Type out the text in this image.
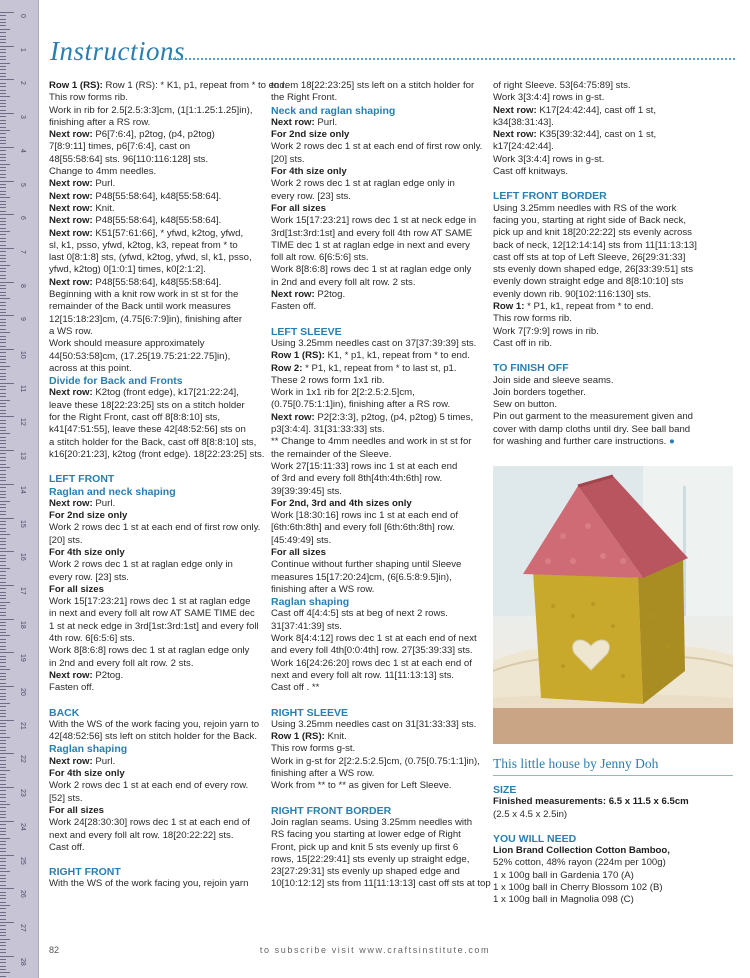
0
1
2
3
4
5
6
7
8
9
10
11
12
13
14
15
16
17
18
19
20
21
22
23
24
25
26
27
28
Instructions
Row 1 (RS): Row 1 (RS): * K1, p1, repeat from * to end.
This row forms rib.
Work in rib for 2.5[2.5:3:3]cm, (1[1:1.25:1.25]in),
finishing after a RS row.
Next row: P6[7:6:4], p2tog, (p4, p2tog)
7[8:9:11] times, p6[7:6:4], cast on
48[55:58:64] sts. 96[110:116:128] sts.
Change to 4mm needles.
Next row: Purl.
Next row: P48[55:58:64], k48[55:58:64].
Next row: Knit.
Next row: P48[55:58:64], k48[55:58:64].
Next row: K51[57:61:66], * yfwd, k2tog, yfwd,
sl, k1, psso, yfwd, k2tog, k3, repeat from * to
last 0[8:1:8] sts, (yfwd, k2tog, yfwd, sl, k1, psso,
yfwd, k2tog) 0[1:0:1] times, k0[2:1:2].
Next row: P48[55:58:64], k48[55:58:64].
Beginning with a knit row work in st st for the
remainder of the Back until work measures
12[15:18:23]cm, (4.75[6:7:9]in), finishing after
a WS row.
Work should measure approximately
44[50:53:58]cm, (17.25[19.75:21:22.75]in),
across at this point.
Divide for Back and Fronts
Next row: K2tog (front edge), k17[21:22:24],
leave these 18[22:23:25] sts on a stitch holder
for the Right Front, cast off 8[8:8:10] sts,
k41[47:51:55], leave these 42[48:52:56] sts on
a stitch holder for the Back, cast off 8[8:8:10] sts,
k16[20:21:23], k2tog (front edge). 18[22:23:25] sts.
LEFT FRONT
Raglan and neck shaping
Next row: Purl.
For 2nd size only
Work 2 rows dec 1 st at each end of first row only.
[20] sts.
For 4th size only
Work 2 rows dec 1 st at raglan edge only in
every row. [23] sts.
For all sizes
Work 15[17:23:21] rows dec 1 st at raglan edge
in next and every foll alt row AT SAME TIME dec
1 st at neck edge in 3rd[1st:3rd:1st] and every foll
4th row. 6[6:5:6] sts.
Work 8[8:6:8] rows dec 1 st at raglan edge only
in 2nd and every foll alt row. 2 sts.
Next row: P2tog.
Fasten off.
BACK
With the WS of the work facing you, rejoin yarn to
42[48:52:56] sts left on stitch holder for the Back.
Raglan shaping
Next row: Purl.
For 4th size only
Work 2 rows dec 1 st at each end of every row.
[52] sts.
For all sizes
Work 24[28:30:30] rows dec 1 st at each end of
next and every foll alt row. 18[20:22:22] sts.
Cast off.
RIGHT FRONT
With the WS of the work facing you, rejoin yarn
to rem 18[22:23:25] sts left on a stitch holder for
the Right Front.
Neck and raglan shaping
Next row: Purl.
For 2nd size only
Work 2 rows dec 1 st at each end of first row only.
[20] sts.
For 4th size only
Work 2 rows dec 1 st at raglan edge only in
every row. [23] sts.
For all sizes
Work 15[17:23:21] rows dec 1 st at neck edge in
3rd[1st:3rd:1st] and every foll 4th row AT SAME
TIME dec 1 st at raglan edge in next and every
foll alt row. 6[6:5:6] sts.
Work 8[8:6:8] rows dec 1 st at raglan edge only
in 2nd and every foll alt row. 2 sts.
Next row: P2tog.
Fasten off.
LEFT SLEEVE
Using 3.25mm needles cast on 37[37:39:39] sts.
Row 1 (RS): K1, * p1, k1, repeat from * to end.
Row 2: * P1, k1, repeat from * to last st, p1.
These 2 rows form 1x1 rib.
Work in 1x1 rib for 2[2:2.5:2.5]cm,
(0.75[0.75:1:1]in), finishing after a RS row.
Next row: P2[2:3:3], p2tog, (p4, p2tog) 5 times,
p3[3:4:4]. 31[31:33:33] sts.
** Change to 4mm needles and work in st st for
the remainder of the Sleeve.
Work 27[15:11:33] rows inc 1 st at each end
of 3rd and every foll 8th[4th:4th:6th] row.
39[39:39:45] sts.
For 2nd, 3rd and 4th sizes only
Work [18:30:16] rows inc 1 st at each end of
[6th:6th:8th] and every foll [6th:6th:8th] row.
[45:49:49] sts.
For all sizes
Continue without further shaping until Sleeve
measures 15[17:20:24]cm, (6[6.5:8:9.5]in),
finishing after a WS row.
Raglan shaping
Cast off 4[4:4:5] sts at beg of next 2 rows.
31[37:41:39] sts.
Work 8[4:4:12] rows dec 1 st at each end of next
and every foll 4th[0:0:4th] row. 27[35:39:33] sts.
Work 16[24:26:20] rows dec 1 st at each end of
next and every foll alt row. 11[11:13:13] sts.
Cast off . **
RIGHT SLEEVE
Using 3.25mm needles cast on 31[31:33:33] sts.
Row 1 (RS): Knit.
This row forms g-st.
Work in g-st for 2[2:2.5:2.5]cm, (0.75[0.75:1:1]in),
finishing after a WS row.
Work from ** to ** as given for Left Sleeve.
RIGHT FRONT BORDER
Join raglan seams. Using 3.25mm needles with
RS facing you starting at lower edge of Right
Front, pick up and knit 5 sts evenly up first 6
rows, 15[22:29:41] sts evenly up straight edge,
23[27:29:31] sts evenly up shaped edge and
10[10:12:12] sts from 11[11:13:13] cast off sts at top
of right Sleeve. 53[64:75:89] sts.
Work 3[3:4:4] rows in g-st.
Next row: K17[24:42:44], cast off 1 st,
k34[38:31:43].
Next row: K35[39:32:44], cast on 1 st,
k17[24:42:44].
Work 3[3:4:4] rows in g-st.
Cast off knitways.
LEFT FRONT BORDER
Using 3.25mm needles with RS of the work
facing you, starting at right side of Back neck,
pick up and knit 18[20:22:22] sts evenly across
back of neck, 12[12:14:14] sts from 11[11:13:13]
cast off sts at top of Left Sleeve, 26[29:31:33]
sts evenly down shaped edge, 26[33:39:51] sts
evenly down straight edge and 8[8:10:10] sts
evenly down rib. 90[102:116:130] sts.
Row 1: * P1, k1, repeat from * to end.
This row forms rib.
Work 7[7:9:9] rows in rib.
Cast off in rib.
TO FINISH OFF
Join side and sleeve seams.
Join borders together.
Sew on button.
Pin out garment to the measurement given and
cover with damp cloths until dry. See ball band
for washing and further care instructions. ●
This little house by Jenny Doh
SIZE
Finished measurements: 6.5 x 11.5 x 6.5cm
(2.5 x 4.5 x 2.5in)
YOU WILL NEED
Lion Brand Collection Cotton Bamboo,
52% cotton, 48% rayon (224m per 100g)
1 x 100g ball in Gardenia 170 (A)
1 x 100g ball in Cherry Blossom 102 (B)
1 x 100g ball in Magnolia 098 (C)
82	to subscribe visit www.craftsinstitute.com
